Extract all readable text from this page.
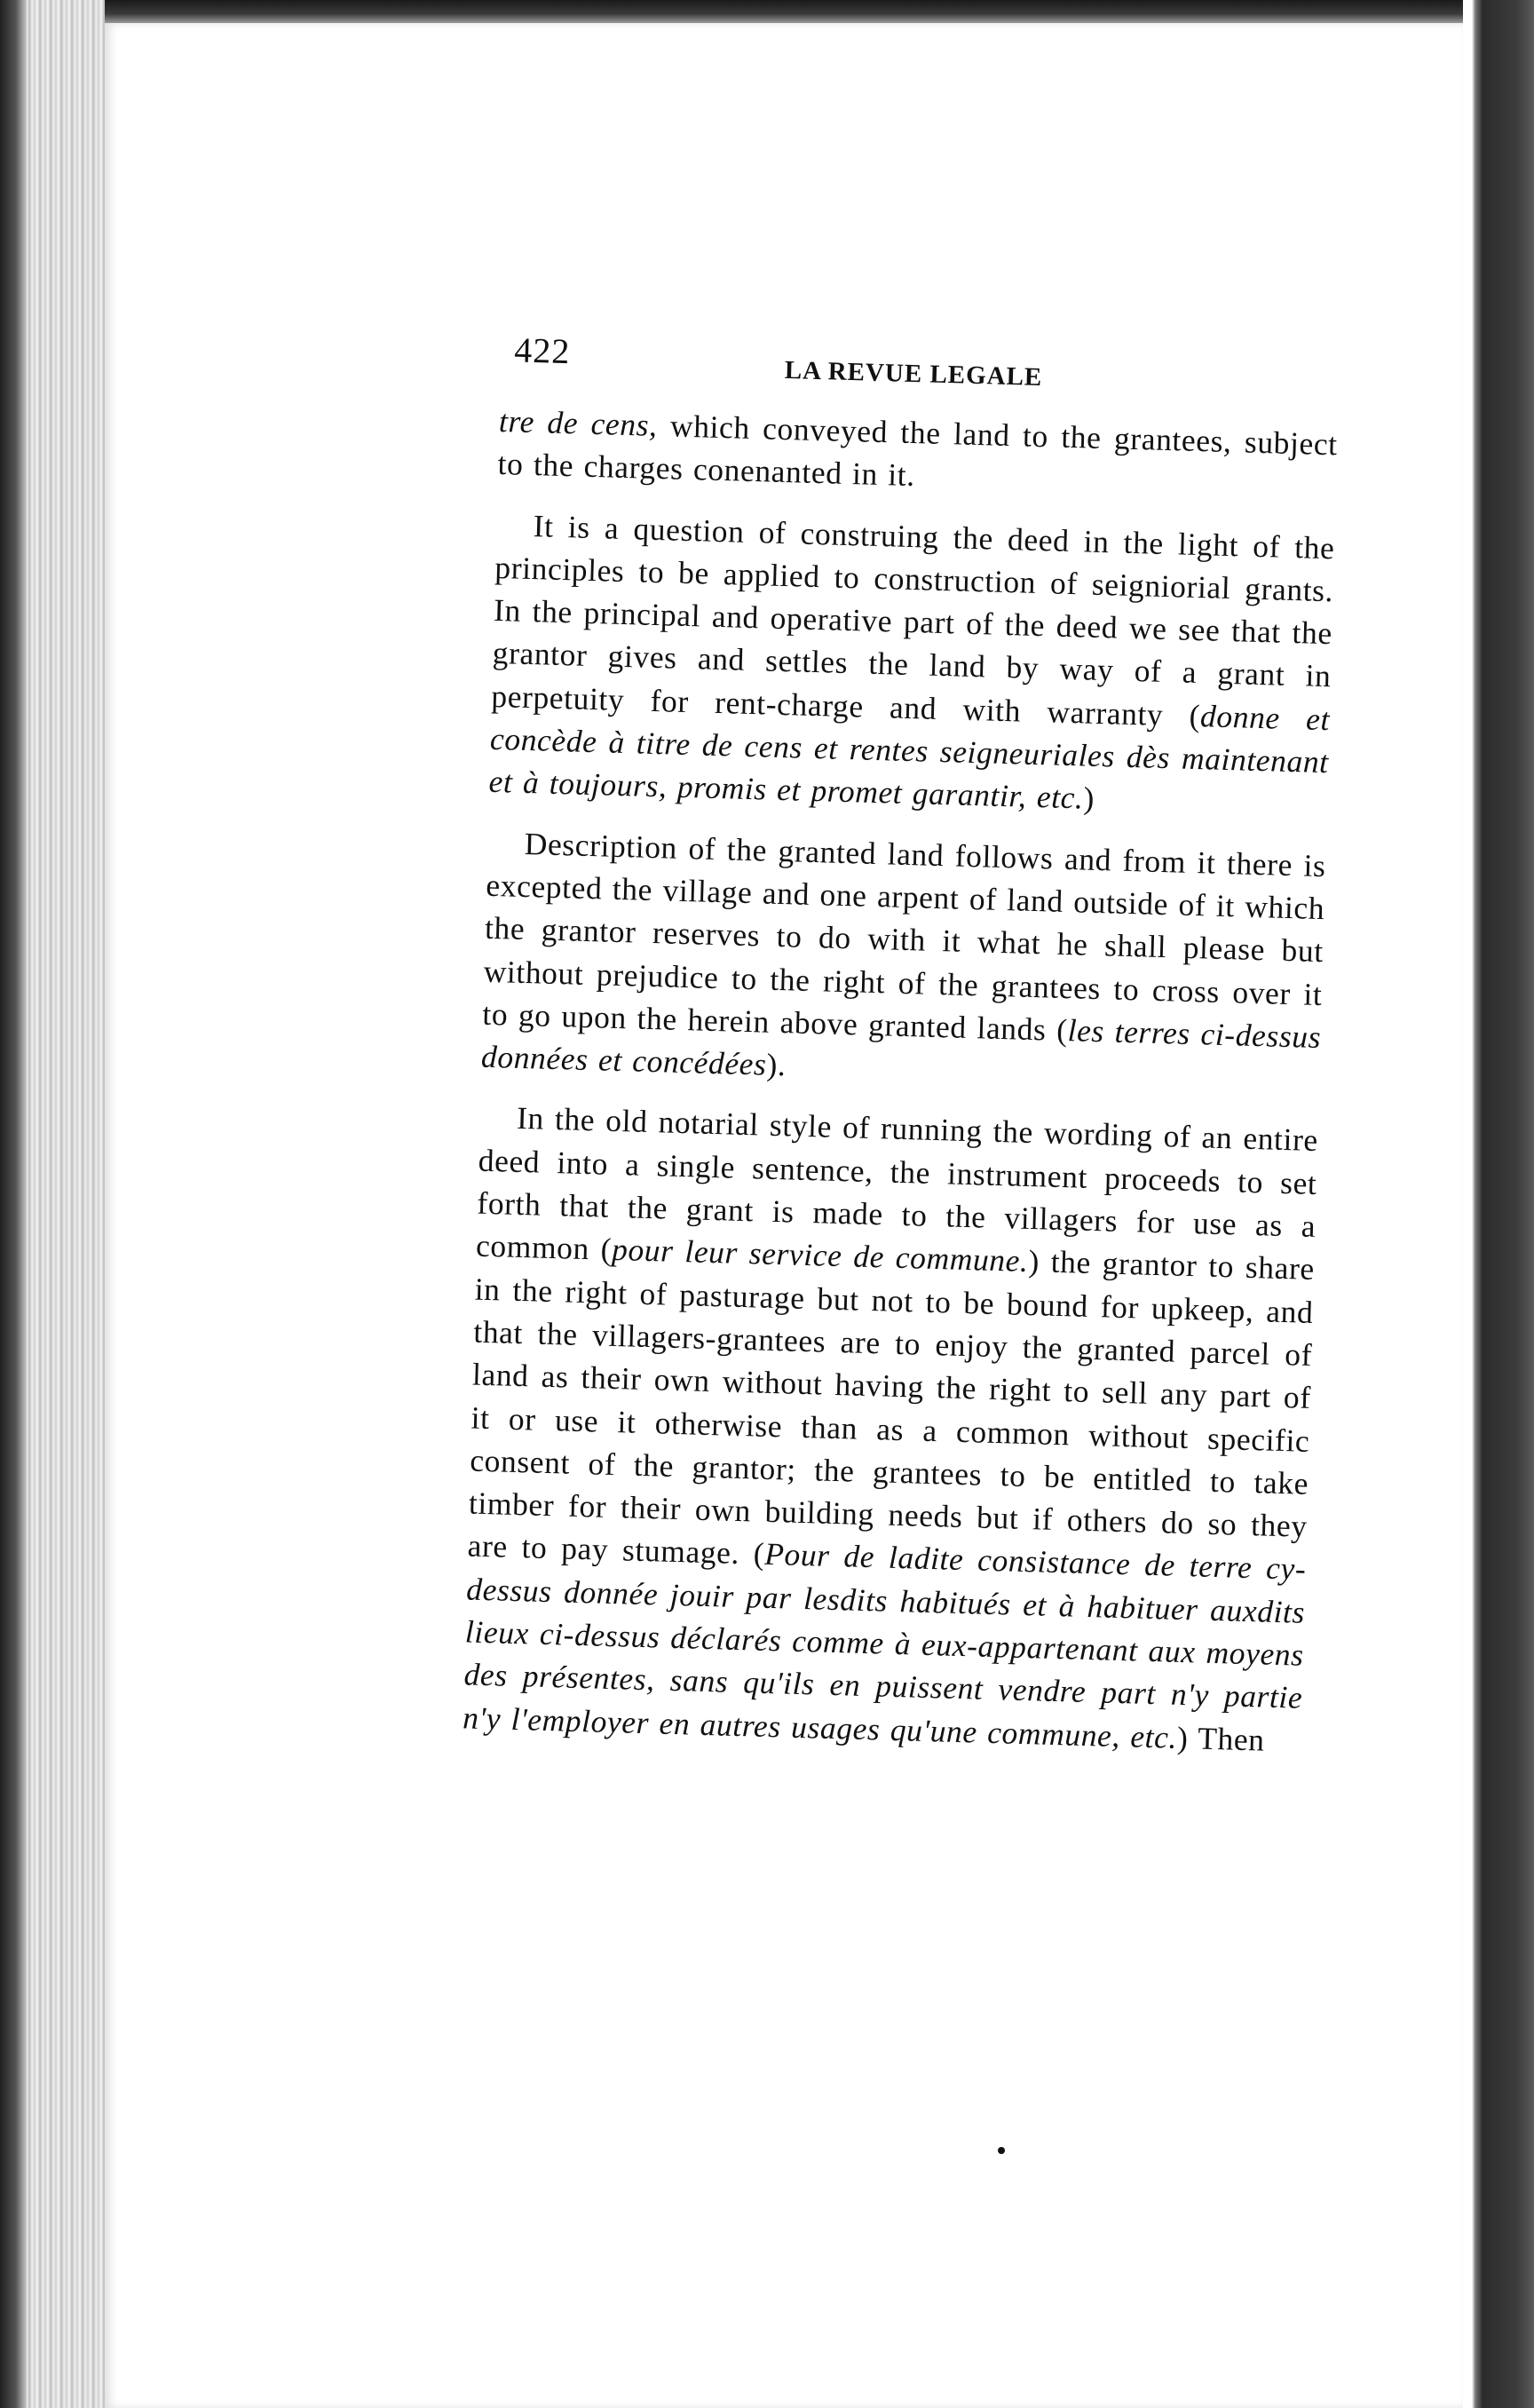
422
LA REVUE LEGALE

tre de cens, which conveyed the land to the grantees, subject to the charges conenanted in it.

It is a question of construing the deed in the light of the principles to be applied to construction of seigniorial grants. In the principal and operative part of the deed we see that the grantor gives and settles the land by way of a grant in perpetuity for rent-charge and with warranty (donne et concède à titre de cens et rentes seigneuriales dès maintenant et à toujours, promis et promet garantir, etc.)

Description of the granted land follows and from it there is excepted the village and one arpent of land outside of it which the grantor reserves to do with it what he shall please but without prejudice to the right of the grantees to cross over it to go upon the herein above granted lands (les terres ci-dessus données et concédées).

In the old notarial style of running the wording of an entire deed into a single sentence, the instrument proceeds to set forth that the grant is made to the villagers for use as a common (pour leur service de commune.) the grantor to share in the right of pasturage but not to be bound for upkeep, and that the villagers-grantees are to enjoy the granted parcel of land as their own without having the right to sell any part of it or use it otherwise than as a common without specific consent of the grantor; the grantees to be entitled to take timber for their own building needs but if others do so they are to pay stumage. (Pour de ladite consistance de terre cy-dessus donnée jouir par lesdits habitués et à habituer auxdits lieux ci-dessus déclarés comme à eux-appartenant aux moyens des présentes, sans qu'ils en puissent vendre part n'y partie n'y l'employer en autres usages qu'une commune, etc.) Then
